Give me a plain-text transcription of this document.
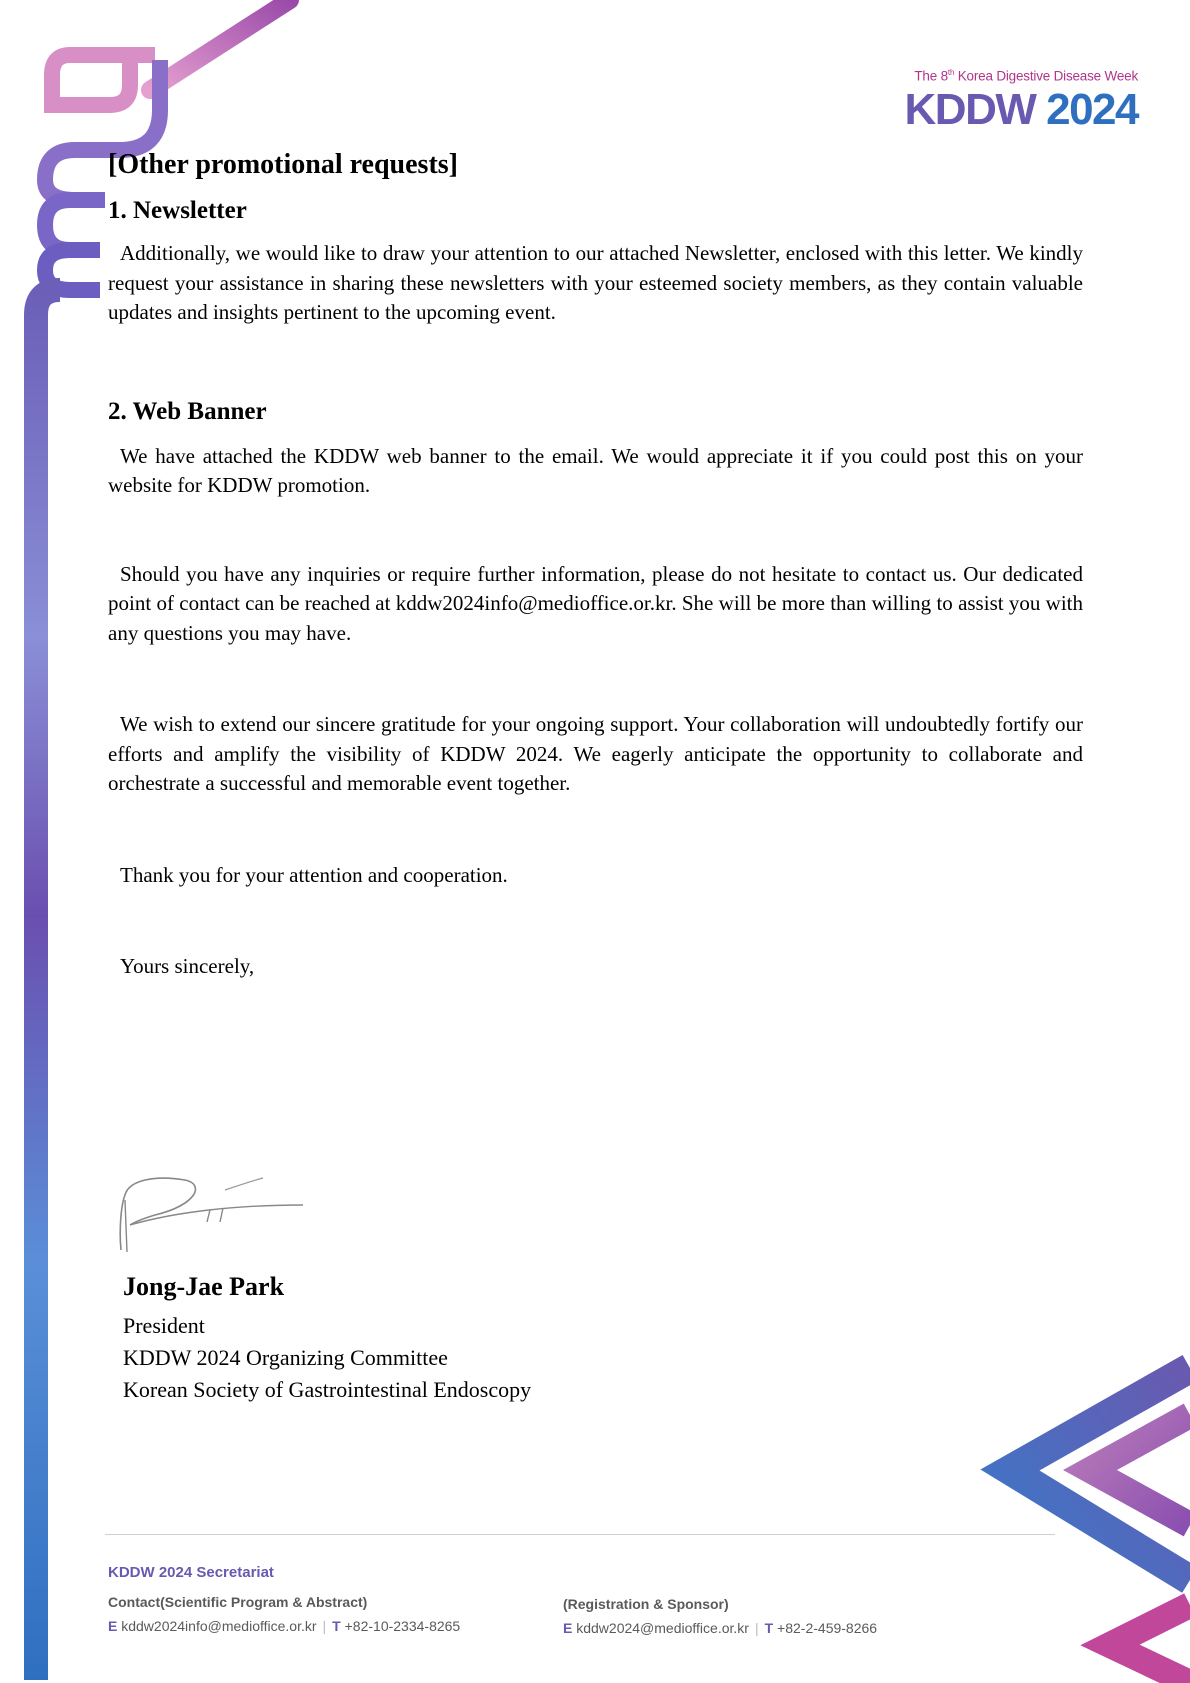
The 8th Korea Digestive Disease Week
KDDW 2024
[Other promotional requests]
1. Newsletter

Additionally, we would like to draw your attention to our attached Newsletter, enclosed with this letter. We kindly request your assistance in sharing these newsletters with your esteemed society members, as they contain valuable updates and insights pertinent to the upcoming event.

2. Web Banner

We have attached the KDDW web banner to the email. We would appreciate it if you could post this on your website for KDDW promotion.

Should you have any inquiries or require further information, please do not hesitate to contact us. Our dedicated point of contact can be reached at kddw2024info@medioffice.or.kr. She will be more than willing to assist you with any questions you may have.

We wish to extend our sincere gratitude for your ongoing support. Your collaboration will undoubtedly fortify our efforts and amplify the visibility of KDDW 2024. We eagerly anticipate the opportunity to collaborate and orchestrate a successful and memorable event together.

Thank you for your attention and cooperation.

Yours sincerely,

Jong-Jae Park
President
KDDW 2024 Organizing Committee
Korean Society of Gastrointestinal Endoscopy
KDDW 2024 Secretariat
Contact(Scientific Program & Abstract)
E kddw2024info@medioffice.or.kr | T +82-10-2334-8265
(Registration & Sponsor)
E kddw2024@medioffice.or.kr | T +82-2-459-8266
